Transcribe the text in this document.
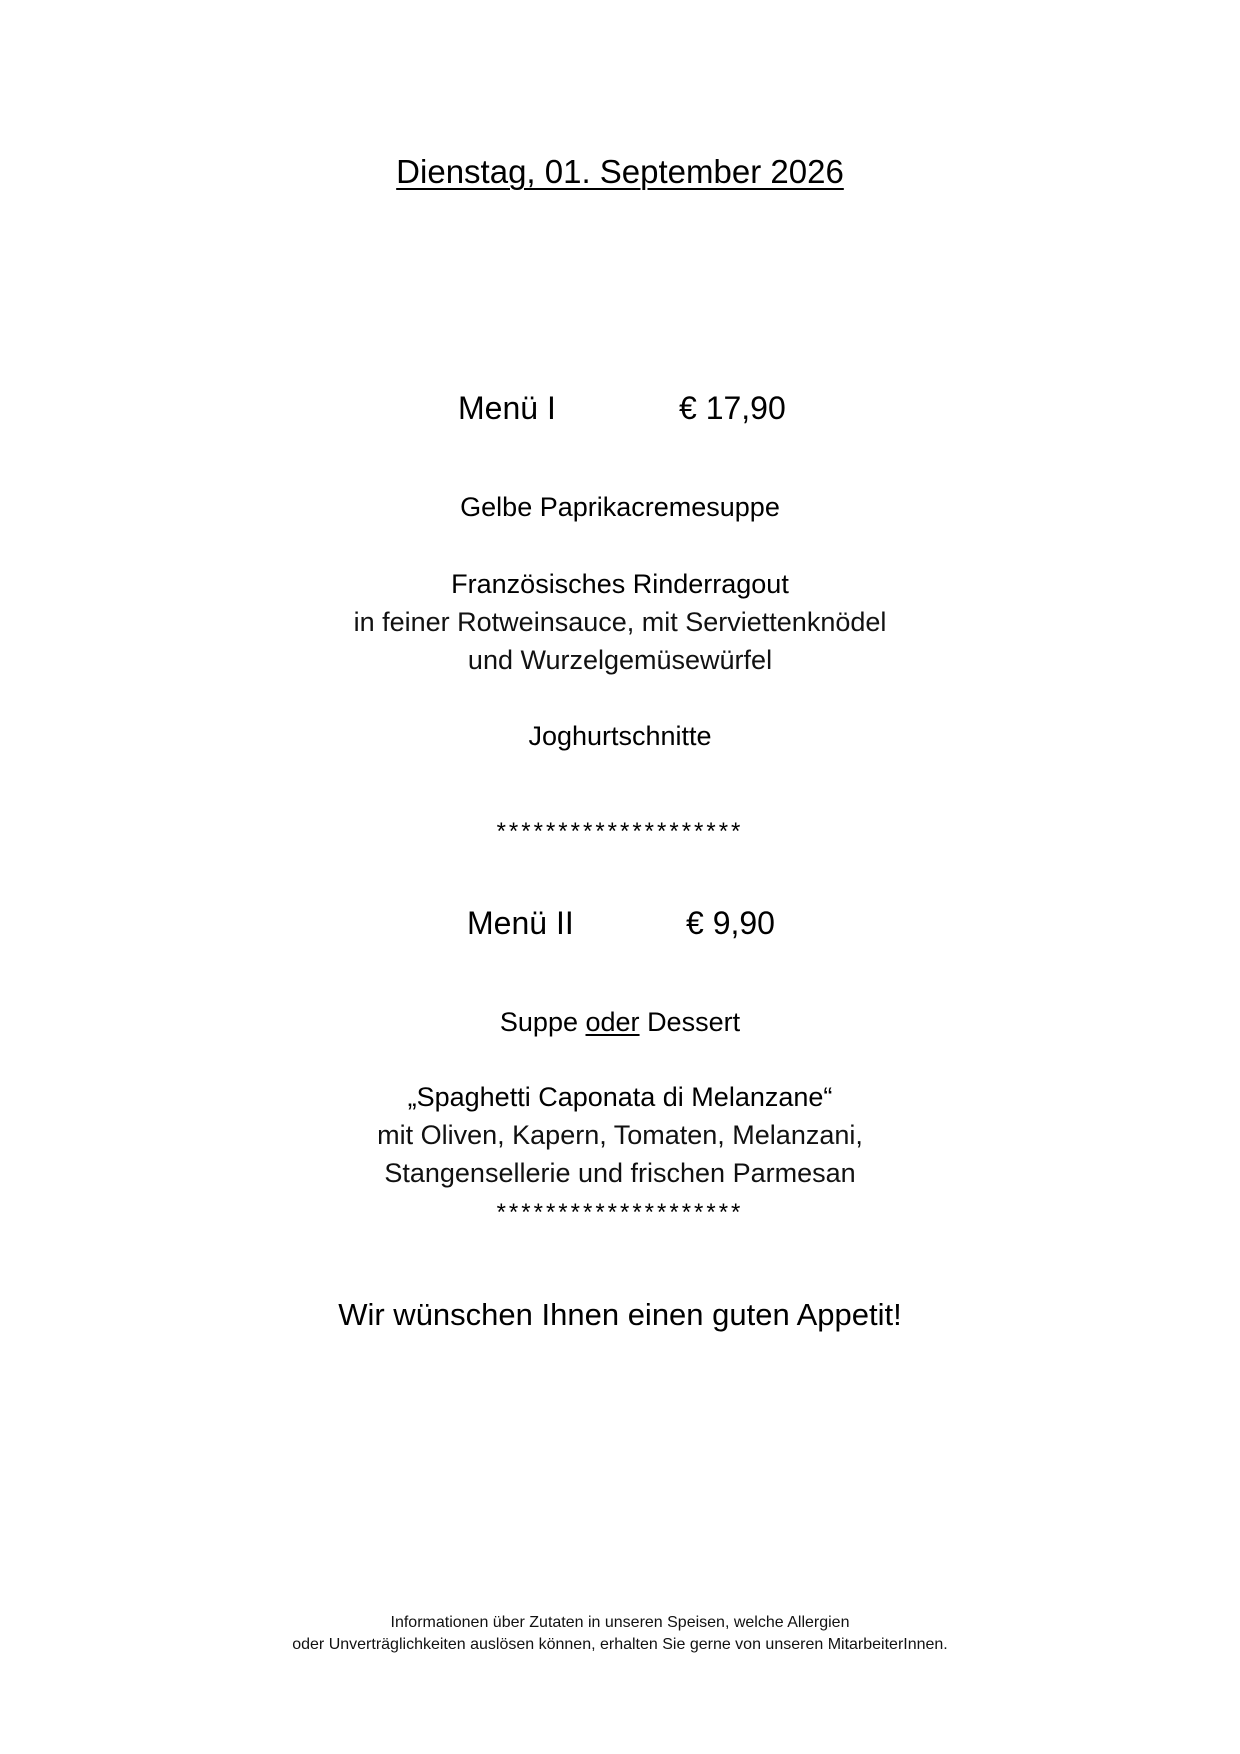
Dienstag, 01. September 2026
Menü I	€ 17,90
Gelbe Paprikacremesuppe
Französisches Rinderragout
in feiner Rotweinsauce, mit Serviettenknödel
und Wurzelgemüsewürfel
Joghurtschnitte
********************
Menü II	€ 9,90
Suppe oder Dessert
„Spaghetti Caponata di Melanzane“
mit Oliven, Kapern, Tomaten, Melanzani,
Stangensellerie und frischen Parmesan
********************
Wir wünschen Ihnen einen guten Appetit!
Informationen über Zutaten in unseren Speisen, welche Allergien
oder Unverträglichkeiten auslösen können, erhalten Sie gerne von unseren MitarbeiterInnen.
